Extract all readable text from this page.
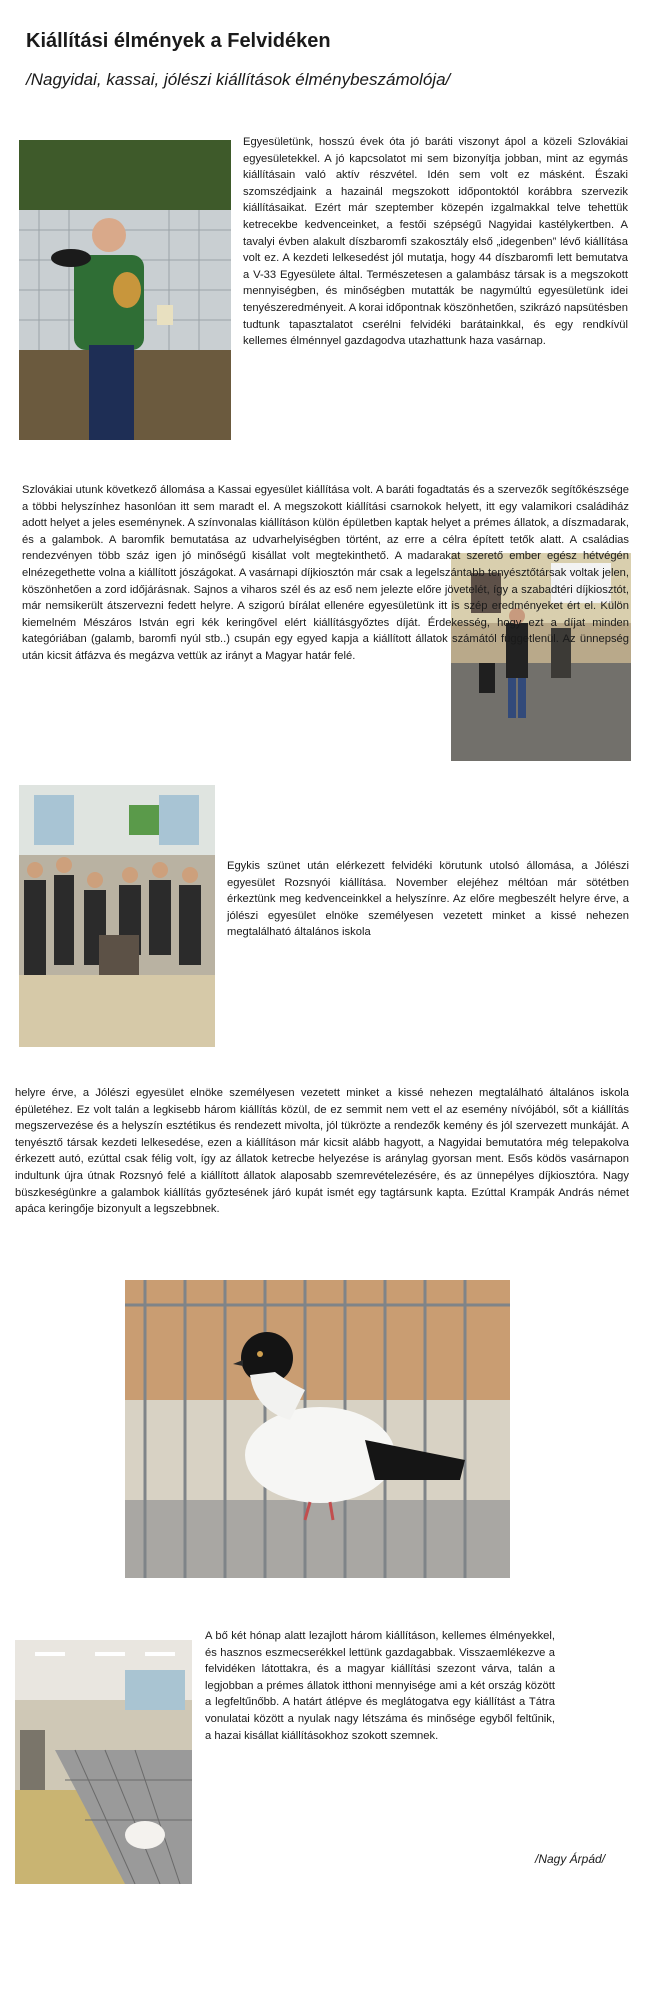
Kiállítási élmények a Felvidéken
/Nagyidai, kassai, jólészi kiállítások élménybeszámolója/

Egyesületünk, hosszú évek óta jó baráti viszonyt ápol a közeli Szlovákiai egyesületekkel. A jó kapcsolatot mi sem bizonyítja jobban, mint az egymás kiállításain való aktív részvétel. Idén sem volt ez másként. Északi szomszédjaink a hazainál megszokott időpontoktól korábbra szervezik kiállításaikat. Ezért már szeptember közepén izgalmakkal telve tehettük ketrecekbe kedvenceinket, a festői szépségű Nagyidai kastélykertben. A tavalyi évben alakult díszbaromfi szakosztály első „idegenben” lévő kiállítása volt ez. A kezdeti lelkesedést jól mutatja, hogy 44 díszbaromfi lett bemutatva a V-33 Egyesülete által. Természetesen a galambász társak is a megszokott mennyiségben, és minőségben mutatták be nagymúltú egyesületünk idei tenyészeredményeit. A korai időpontnak köszönhetően, szikrázó napsütésben tudtunk tapasztalatot cserélni felvidéki barátainkkal, és egy rendkívül kellemes élménnyel gazdagodva utazhattunk haza vasárnap.

Szlovákiai utunk következő állomása a Kassai egyesület kiállítása volt. A baráti fogadtatás és a szervezők segítőkészsége a többi helyszínhez hasonlóan itt sem maradt el. A megszokott kiállítási csarnokok helyett, itt egy valamikori családiház adott helyet a jeles eseménynek. A színvonalas kiállításon külön épületben kaptak helyet a prémes állatok, a díszmadarak, és a galambok. A baromfik bemutatása az udvarhelyiségben történt, az erre a célra épített tetők alatt. A családias rendezvényen több száz igen jó minőségű kisállat volt megtekinthető. A madarakat szerető ember egész hétvégén elnézegethette volna a kiállított jószágokat. A vasárnapi díjkiosztón már csak a legelszántabb tenyésztőtársak voltak jelen, köszönhetően a zord időjárásnak. Sajnos a viharos szél és az eső nem jelezte előre jövetelét, így a szabadtéri díjkiosztót, már nemsikerült átszervezni fedett helyre. A szigorú bírálat ellenére egyesületünk itt is szép eredményeket ért el. Külön kiemelném Mészáros István egri kék keringővel elért kiállításgyőztes díját. Érdekesség, hogy ezt a díjat minden kategóriában (galamb, baromfi nyúl stb..) csupán egy egyed kapja a kiállított állatok számától függetlenül. Az ünnepség után kicsit átfázva és megázva vettük az irányt a Magyar határ felé.

Egykis szünet után elérkezett felvidéki körutunk utolsó állomása, a Jólészi egyesület Rozsnyói kiállítása. November elejéhez méltóan már sötétben érkeztünk meg kedvenceinkkel a helyszínre. Az előre megbeszélt helyre érve, a jólészi egyesület elnöke személyesen vezetett minket a kissé nehezen megtalálható általános iskola

helyre érve, a Jólészi egyesület elnöke személyesen vezetett minket a kissé nehezen megtalálható általános iskola épületéhez. Ez volt talán a legkisebb három kiállítás közül, de ez semmit nem vett el az esemény nívójából, sőt a kiállítás megszervezése és a helyszín esztétikus és rendezett mivolta, jól tükrözte a rendezők kemény és jól szervezett munkáját. A tenyésztő társak kezdeti lelkesedése, ezen a kiállításon már kicsit alább hagyott, a Nagyidai bemutatóra még telepakolva érkezett autó, ezúttal csak félig volt, így az állatok ketrecbe helyezése is aránylag gyorsan ment. Esős ködös vasárnapon indultunk újra útnak Rozsnyó felé a kiállított állatok alaposabb szemrevételezésére, és az ünnepélyes díjkiosztóra. Nagy büszkeségünkre a galambok kiállítás győztesének járó kupát ismét egy tagtársunk kapta. Ezúttal Krampák András német apáca keringője bizonyult a legszebbnek.

A bő két hónap alatt lezajlott három kiállításon, kellemes élményekkel, és hasznos eszmecserékkel lettünk gazdagabbak. Visszaemlékezve a felvidéken látottakra, és a magyar kiállítási szezont várva, talán a legjobban a prémes állatok itthoni mennyisége ami a két ország között a legfeltűnőbb. A határt átlépve és meglátogatva egy kiállítást a Tátra vonulatai között a nyulak nagy létszáma és minősége egyből feltűnik, a hazai kisállat kiállításokhoz szokott szemnek.

/Nagy Árpád/
